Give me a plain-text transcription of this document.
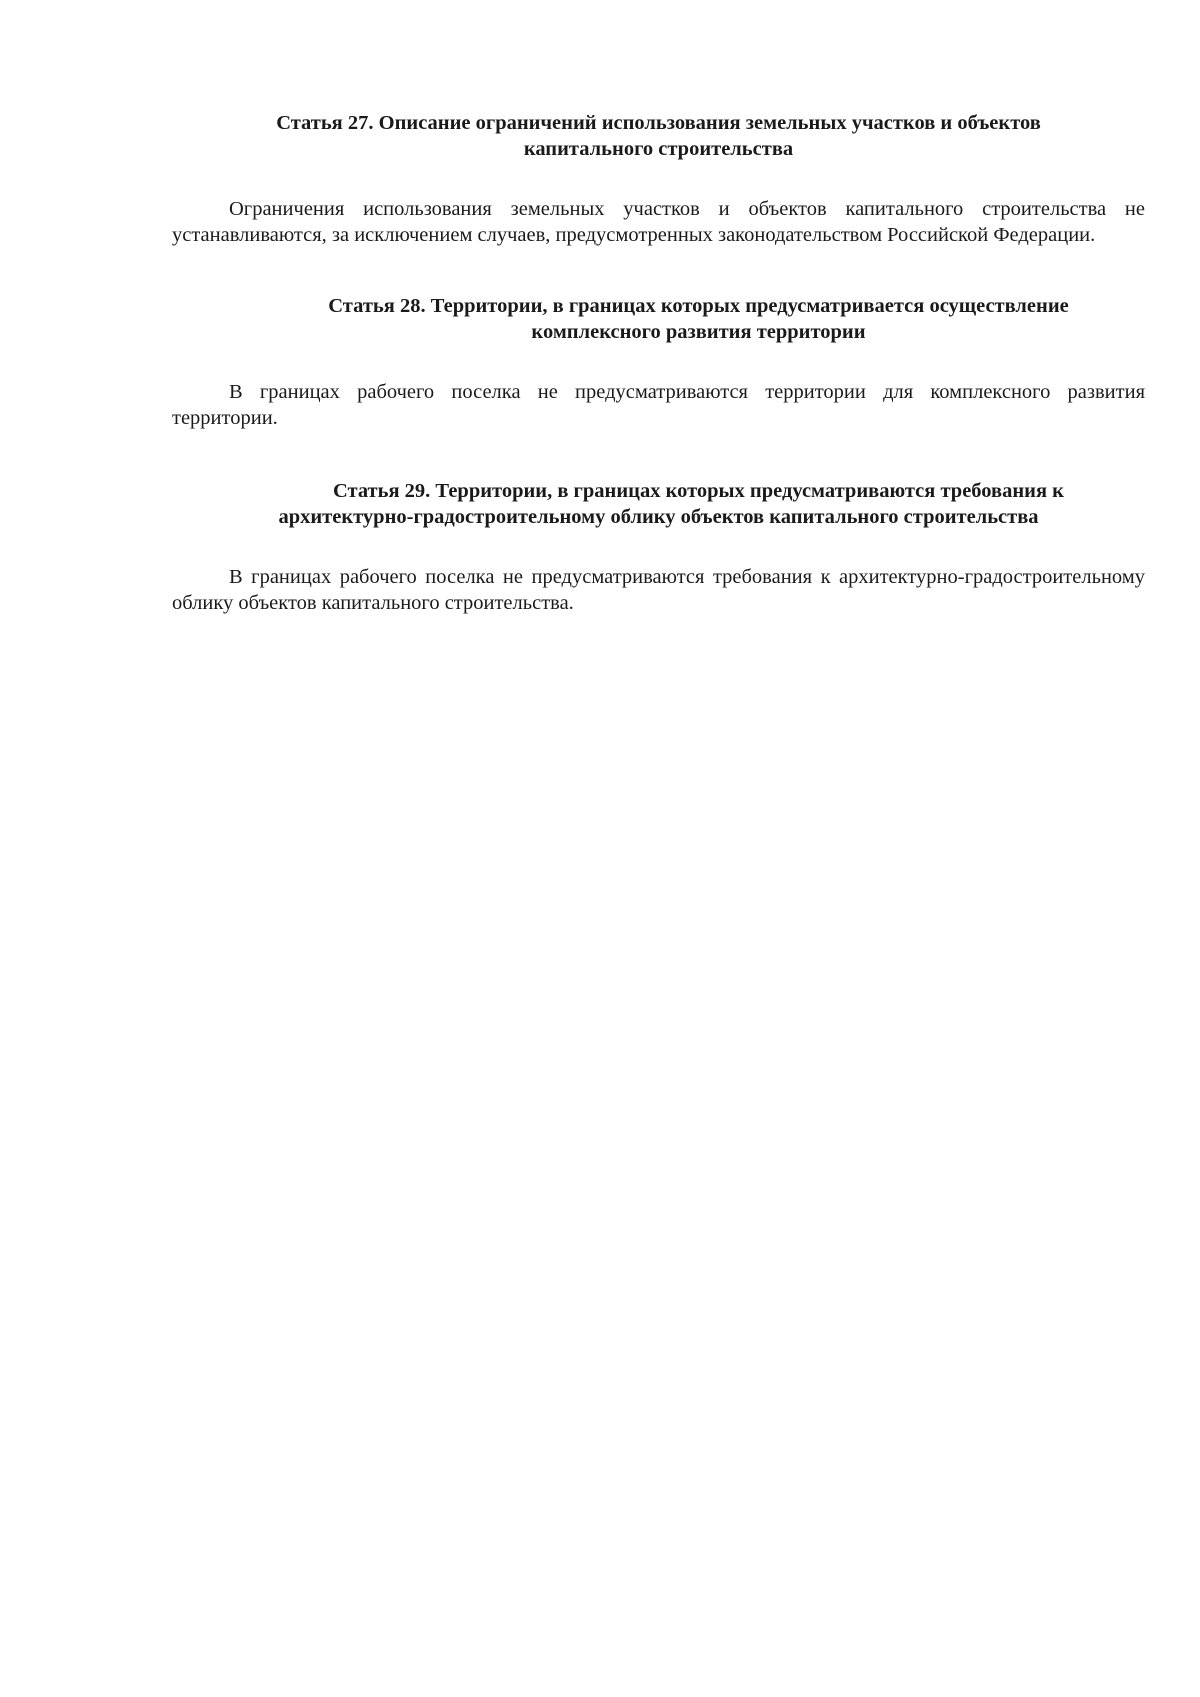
Статья 27. Описание ограничений использования земельных участков и объектов
капитального строительства

Ограничения использования земельных участков и объектов капитального строительства не устанавливаются, за исключением случаев, предусмотренных законодательством Российской Федерации.

Статья 28. Территории, в границах которых предусматривается осуществление
комплексного развития территории

В границах рабочего поселка не предусматриваются территории для комплексного развития территории.

Статья 29. Территории, в границах которых предусматриваются требования к
архитектурно-градостроительному облику объектов капитального строительства

В границах рабочего поселка не предусматриваются требования к архитектурно-градостроительному облику объектов капитального строительства.
